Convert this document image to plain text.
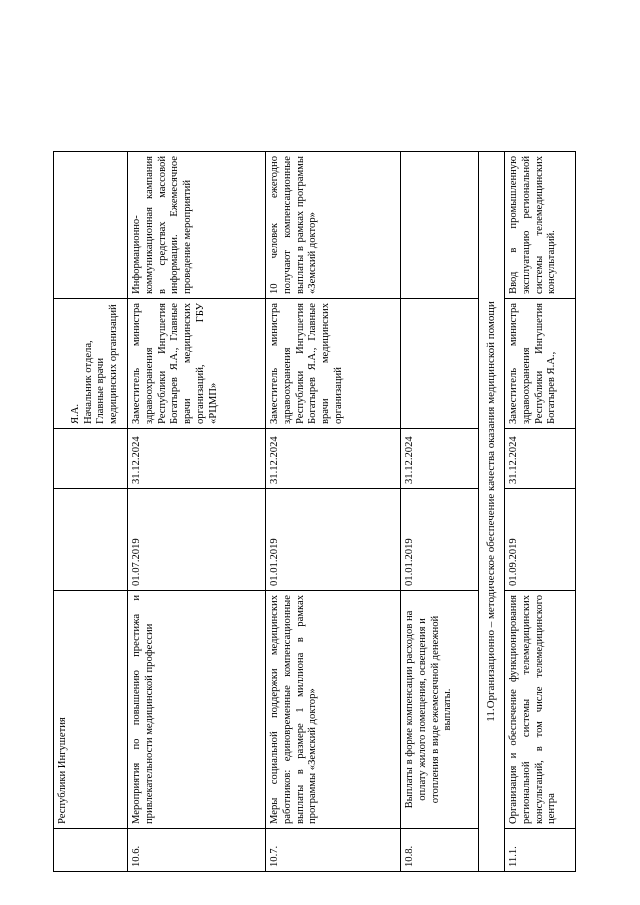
	Республики Ингушетия			Я.А.
Начальник отдела,
Главные врачи медицинских организаций

10.6.	Мероприятия по повышению престижа и привлекательности медицинской профессии	01.07.2019	31.12.2024	Заместитель министра здравоохранения Республики Ингушетия Богатырев Я.А., Главные врачи медицинских организаций, ГБУ «РЦМП»	Информационно-коммуникационная кампания в средствах массовой информации. Ежемесячное проведение мероприятий
10.7.	Меры социальной поддержки медицинских работников: единовременные компенсационные выплаты в размере 1 миллиона в рамках программы «Земский доктор»	01.01.2019	31.12.2024	Заместитель министра здравоохранения Республики Ингушетия Богатырев Я.А., Главные врачи медицинских организаций	10 человек ежегодно получают компенсационные выплаты в рамках программы «Земский доктор»
10.8.	Выплаты в форме компенсации расходов на оплату жилого помещения, освещения и отопления в виде ежемесячной денежной выплаты.	01.01.2019	31.12.2024		
11.Организационно – методическое обеспечение качества оказания медицинской помощи					
11.1.	Организация и обеспечение функционирования региональной системы телемедицинских консультаций, в том числе телемедицинского центра	01.09.2019	31.12.2024	Заместитель министра здравоохранения Республики Ингушетия Богатырев Я.А.,	Ввод в промышленную эксплуатацию региональной системы телемедицинских консультаций.
